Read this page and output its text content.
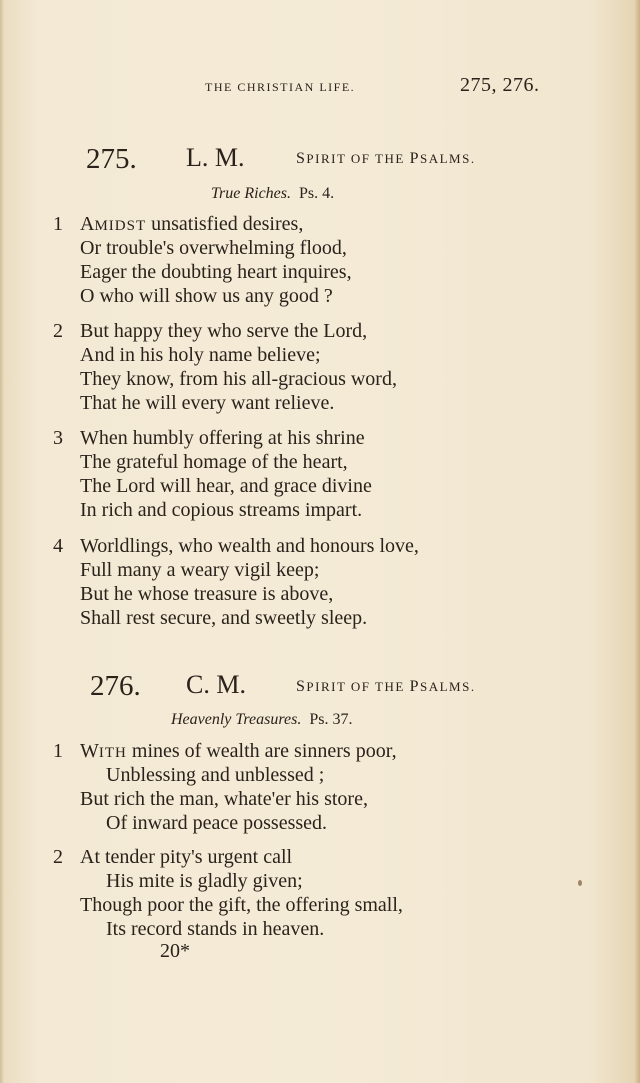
THE CHRISTIAN LIFE.	275, 276.
275. L. M.	SPIRIT OF THE PSALMS.
True Riches. Ps. 4.
1 AMIDST unsatisfied desires,
Or trouble's overwhelming flood,
Eager the doubting heart inquires,
O who will show us any good ?
2 But happy they who serve the Lord,
And in his holy name believe;
They know, from his all-gracious word,
That he will every want relieve.
3 When humbly offering at his shrine
The grateful homage of the heart,
The Lord will hear, and grace divine
In rich and copious streams impart.
4 Worldlings, who wealth and honours love,
Full many a weary vigil keep;
But he whose treasure is above,
Shall rest secure, and sweetly sleep.
276. C. M.	SPIRIT OF THE PSALMS.
Heavenly Treasures. Ps. 37.
1 WITH mines of wealth are sinners poor,
Unblessing and unblessed ;
But rich the man, whate'er his store,
Of inward peace possessed.
2 At tender pity's urgent call
His mite is gladly given;
Though poor the gift, the offering small,
Its record stands in heaven.
20*
